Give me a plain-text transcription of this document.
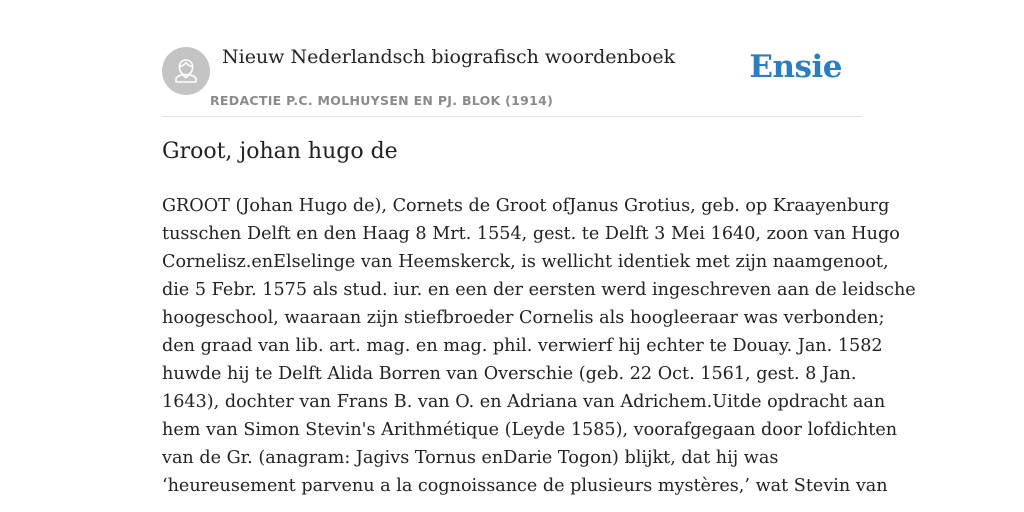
Nieuw Nederlandsch biografisch woordenboek
REDACTIE P.C. MOLHUYSEN EN PJ. BLOK (1914)
Ensie
Groot, johan hugo de

GROOT (Johan Hugo de), Cornets de Groot ofJanus Grotius, geb. op Kraayenburg
tusschen Delft en den Haag 8 Mrt. 1554, gest. te Delft 3 Mei 1640, zoon van Hugo
Cornelisz.enElselinge van Heemskerck, is wellicht identiek met zijn naamgenoot,
die 5 Febr. 1575 als stud. iur. en een der eersten werd ingeschreven aan de leidsche
hoogeschool, waaraan zijn stiefbroeder Cornelis als hoogleeraar was verbonden;
den graad van lib. art. mag. en mag. phil. verwierf hij echter te Douay. Jan. 1582
huwde hij te Delft Alida Borren van Overschie (geb. 22 Oct. 1561, gest. 8 Jan.
1643), dochter van Frans B. van O. en Adriana van Adrichem.Uitde opdracht aan
hem van Simon Stevin's Arithmétique (Leyde 1585), voorafgegaan door lofdichten
van de Gr. (anagram: Jagivs Tornus enDarie Togon) blijkt, dat hij was
‘heureusement parvenu a la cognoissance de plusieurs mystères,’ wat Stevin van
